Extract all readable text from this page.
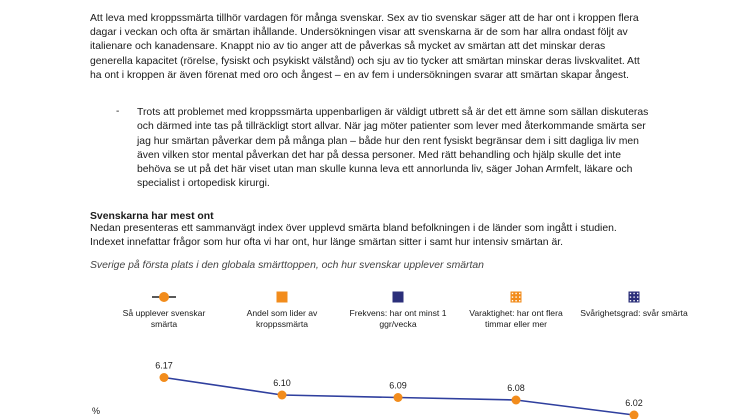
Att leva med kroppssmärta tillhör vardagen för många svenskar. Sex av tio svenskar säger att de har ont i kroppen flera dagar i veckan och ofta är smärtan ihållande. Undersökningen visar att svenskarna är de som har allra ondast följt av italienare och kanadensare. Knappt nio av tio anger att de påverkas så mycket av smärtan att det minskar deras generella kapacitet (rörelse, fysiskt och psykiskt välstånd) och sju av tio tycker att smärtan minskar deras livskvalitet. Att ha ont i kroppen är även förenat med oro och ångest – en av fem i undersökningen svarar att smärtan skapar ångest.

- Trots att problemet med kroppssmärta uppenbarligen är väldigt utbrett så är det ett ämne som sällan diskuteras och därmed inte tas på tillräckligt stort allvar. När jag möter patienter som lever med återkommande smärta ser jag hur smärtan påverkar dem på många plan – både hur den rent fysiskt begränsar dem i sitt dagliga liv men även vilken stor mental påverkan det har på dessa personer. Med rätt behandling och hjälp skulle det inte behöva se ut på det här viset utan man skulle kunna leva ett annorlunda liv, säger Johan Armfelt, läkare och specialist i ortopedisk kirurgi.

Svenskarna har mest ont

Nedan presenteras ett sammanvägt index över upplevd smärta bland befolkningen i de länder som ingått i studien. Indexet innefattar frågor som hur ofta vi har ont, hur länge smärtan sitter i samt hur intensiv smärtan är.

Sverige på första plats i den globala smärttoppen, och hur svenskar upplever smärtan

Så upplever svenskar smärta
Andel som lider av kroppssmärta
Frekvens: har ont minst 1 ggr/vecka
Varaktighet: har ont flera timmar eller mer
Svårighetsgrad: svår smärta
6.17
6.10	6.09	6.08
6.02
%
